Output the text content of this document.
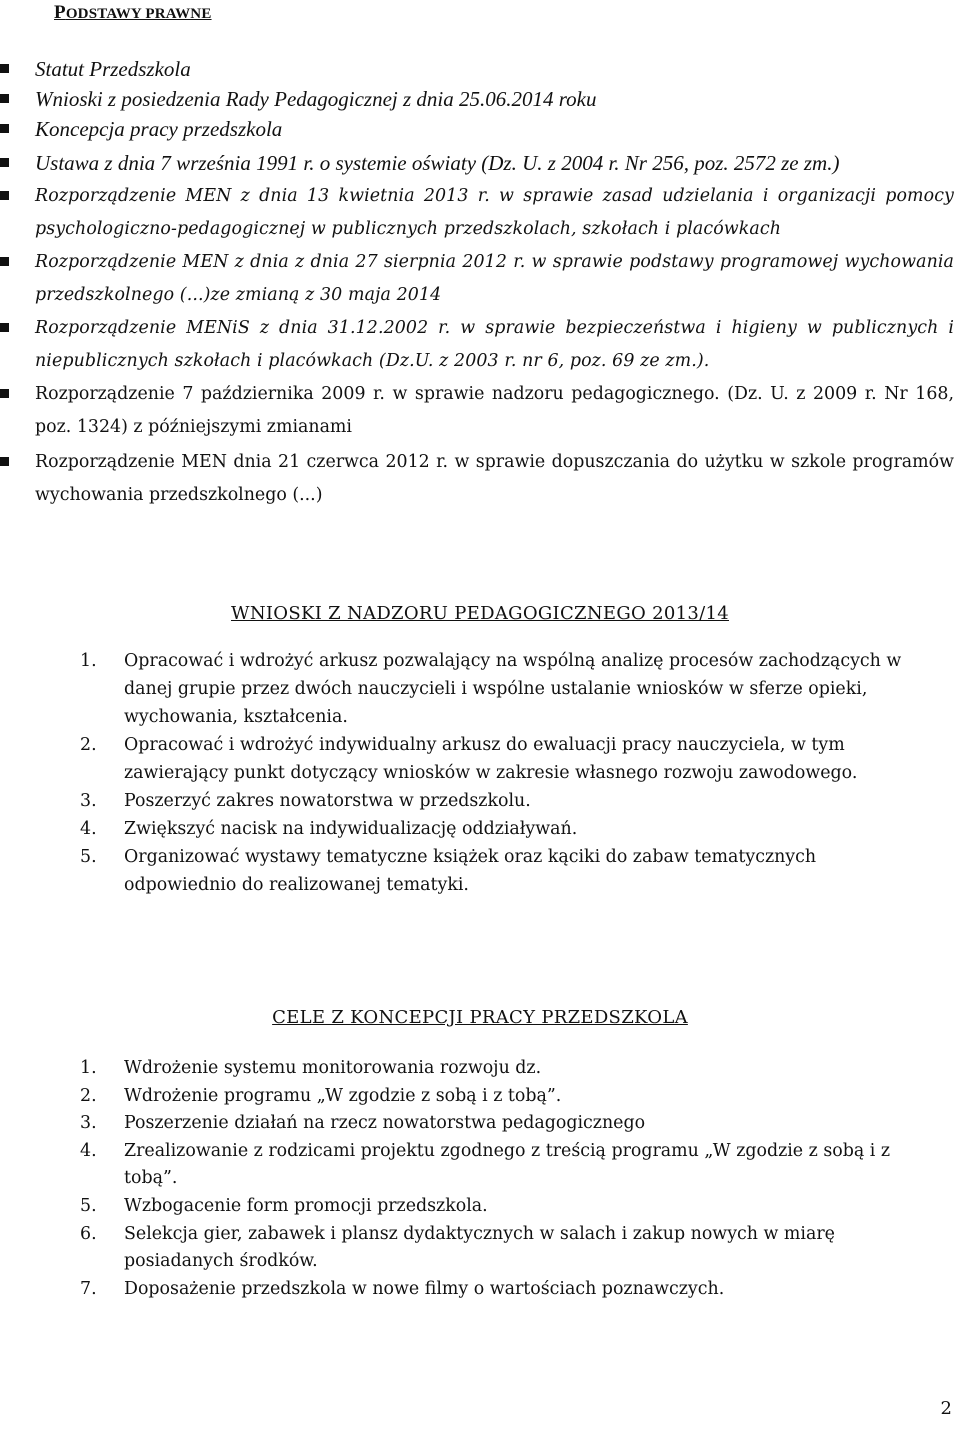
PODSTAWY PRAWNE
Statut Przedszkola
Wnioski z posiedzenia Rady Pedagogicznej z dnia 25.06.2014 roku
Koncepcja pracy przedszkola
Ustawa z dnia 7 września 1991 r. o systemie oświaty (Dz. U. z 2004 r. Nr 256, poz. 2572 ze zm.)
Rozporządzenie MEN z dnia 13 kwietnia 2013 r. w sprawie zasad udzielania i organizacji pomocy psychologiczno-pedagogicznej w publicznych przedszkolach, szkołach i placówkach
Rozporządzenie MEN z dnia z dnia 27 sierpnia 2012 r. w sprawie podstawy programowej wychowania przedszkolnego (...)ze zmianą z 30 maja 2014
Rozporządzenie MENiS z dnia 31.12.2002 r. w sprawie bezpieczeństwa i higieny w publicznych i niepublicznych szkołach i placówkach (Dz.U. z 2003 r. nr 6, poz. 69 ze zm.).
Rozporządzenie 7 października 2009 r. w sprawie nadzoru pedagogicznego. (Dz. U. z 2009 r. Nr 168, poz. 1324) z późniejszymi zmianami
Rozporządzenie MEN dnia 21 czerwca 2012 r. w sprawie dopuszczania do użytku w szkole programów wychowania przedszkolnego (...)
WNIOSKI Z NADZORU PEDAGOGICZNEGO 2013/14
1. Opracować i wdrożyć arkusz pozwalający na wspólną analizę procesów zachodzących w danej grupie przez dwóch nauczycieli i wspólne ustalanie wniosków w sferze opieki, wychowania, kształcenia.
2. Opracować i wdrożyć indywidualny arkusz do ewaluacji pracy nauczyciela, w tym zawierający punkt dotyczący wniosków w zakresie własnego rozwoju zawodowego.
3. Poszerzyć zakres nowatorstwa w przedszkolu.
4. Zwiększyć nacisk na indywidualizację oddziaływań.
5. Organizować wystawy tematyczne książek oraz kąciki do zabaw tematycznych odpowiednio do realizowanej tematyki.
CELE Z KONCEPCJI PRACY PRZEDSZKOLA
1. Wdrożenie systemu monitorowania rozwoju dz.
2. Wdrożenie programu „W zgodzie z sobą i z tobą”.
3. Poszerzenie działań na rzecz nowatorstwa pedagogicznego
4. Zrealizowanie z rodzicami projektu zgodnego z treścią programu „W zgodzie z sobą i z tobą”.
5. Wzbogacenie form promocji przedszkola.
6. Selekcja gier, zabawek i plansz dydaktycznych w salach i zakup nowych w miarę posiadanych środków.
7. Doposażenie przedszkola w nowe filmy o wartościach poznawczych.
2
